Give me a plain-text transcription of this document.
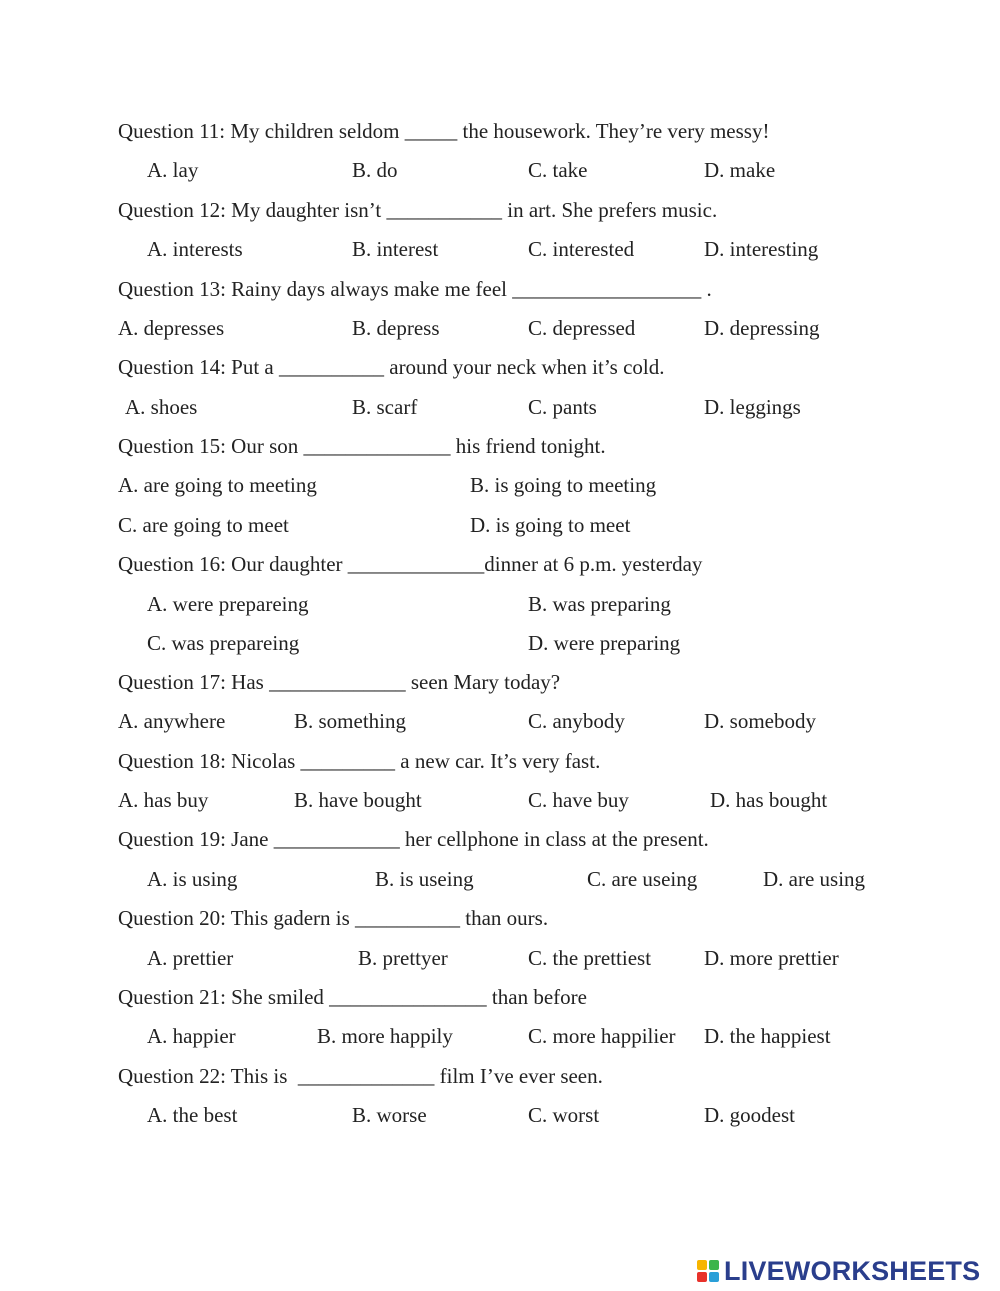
Question 11: My children seldom _____ the housework. They’re very messy!
A. lay	B. do	C. take	D. make
Question 12: My daughter isn’t ___________ in art. She prefers music.
A. interests	B. interest	C. interested	D. interesting
Question 13: Rainy days always make me feel __________________ .
A. depresses	B. depress	C. depressed	D. depressing
Question 14: Put a __________ around your neck when it’s cold.
A. shoes	B. scarf	C. pants	D. leggings
Question 15: Our son ______________ his friend tonight.
A. are going to meeting	B. is going to meeting
C. are going to meet	D. is going to meet
Question 16: Our daughter _____________dinner at 6 p.m. yesterday
A. were prepareing	B. was preparing
C. was prepareing	D. were preparing
Question 17: Has _____________ seen Mary today?
A. anywhere	B. something	C. anybody	D. somebody
Question 18: Nicolas _________ a new car. It’s very fast.
A. has buy	B. have bought	C. have buy	D. has bought
Question 19: Jane ____________ her cellphone in class at the present.
A. is using	B. is useing	C. are useing	D. are using
Question 20: This gadern is __________ than ours.
A. prettier	B. prettyer	C. the prettiest	D. more prettier
Question 21: She smiled _______________ than before
A. happier	B. more happily	C. more happilier D. the happiest
Question 22: This is  _____________ film I’ve ever seen.
A. the best	B. worse	C. worst	D. goodest
LIVEWORKSHEETS
